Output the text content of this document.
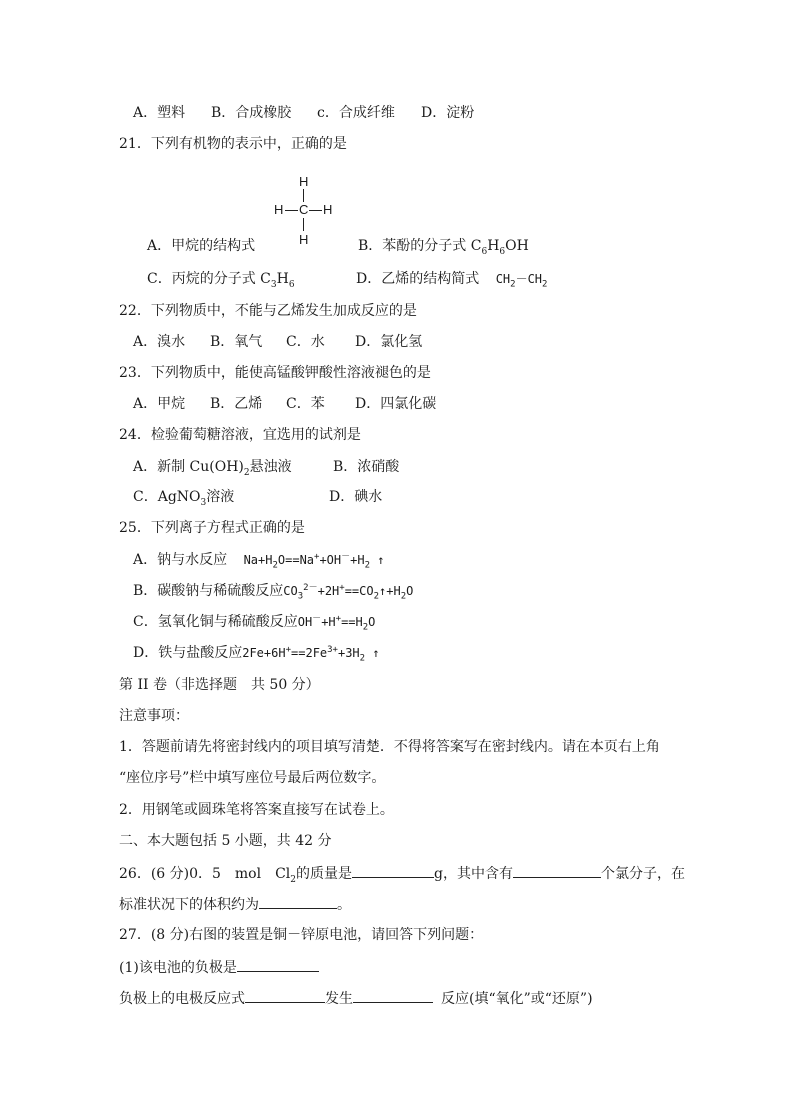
A．塑料 B．合成橡胶 c．合成纤维 D．淀粉
21．下列有机物的表示中，正确的是
H
H C H
H
A．甲烷的结构式	B．苯酚的分子式 $C_6H_6OH$
C．丙烷的分子式 $C_3H_6$	D．乙烯的结构简式 $CH_2-CH_2$
22．下列物质中，不能与乙烯发生加成反应的是
A．溴水 B．氧气 C．水 D．氯化氢
23．下列物质中，能使高锰酸钾酸性溶液褪色的是
A．甲烷 B．乙烯 C．苯 D．四氯化碳
24．检验葡萄糖溶液，宜选用的试剂是
A．新制 $Cu(OH)_2$悬浊液	B．浓硝酸
C．AgNO$_3$溶液	D．碘水
25．下列离子方程式正确的是
A．钠与水反应 $Na+H_2O==Na^++OH^-+H_2$ ↑
B．碳酸钠与稀硫酸反应$CO_3^{2-}+2H^+==CO_2↑+H_2O$
C．氢氧化铜与稀硫酸反应$OH^-+H^+==H_2O$
D．铁与盐酸反应$2Fe+6H^+==2Fe^{3+}+3H_2$ ↑
第 II 卷（非选择题　共 50 分）
注意事项：
1．答题前请先将密封线内的项目填写清楚．不得将答案写在密封线内。请在本页右上角
“座位序号”栏中填写座位号最后两位数字。
2．用钢笔或圆珠笔将答案直接写在试卷上。
二、本大题包括 5 小题，共 42 分
26．(6 分)0．5　mol　$Cl_2$的质量是	g，其中含有	个氯分子，在
标准状况下的体积约为	。
27．(8 分)右图的装置是铜－锌原电池，请回答下列问题：
(1)该电池的负极是
负极上的电极反应式	发生	反应(填“氧化”或“还原”)
